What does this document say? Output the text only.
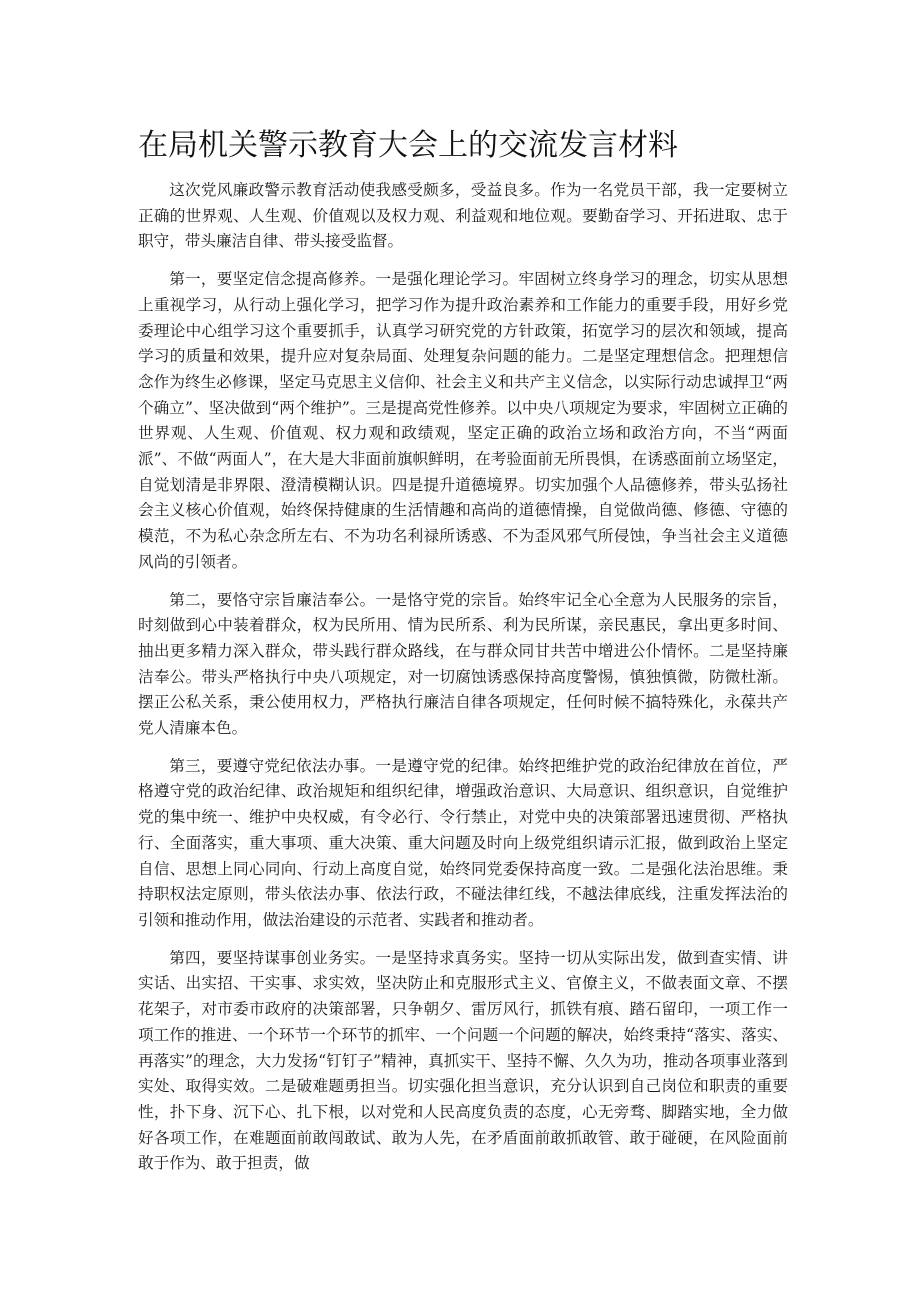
在局机关警示教育大会上的交流发言材料

这次党风廉政警示教育活动使我感受颇多，受益良多。作为一名党员干部，我一定要树立正确的世界观、人生观、价值观以及权力观、利益观和地位观。要勤奋学习、开拓进取、忠于职守，带头廉洁自律、带头接受监督。

第一，要坚定信念提高修养。一是强化理论学习。牢固树立终身学习的理念，切实从思想上重视学习，从行动上强化学习，把学习作为提升政治素养和工作能力的重要手段，用好乡党委理论中心组学习这个重要抓手，认真学习研究党的方针政策，拓宽学习的层次和领域，提高学习的质量和效果，提升应对复杂局面、处理复杂问题的能力。二是坚定理想信念。把理想信念作为终生必修课，坚定马克思主义信仰、社会主义和共产主义信念，以实际行动忠诚捍卫“两个确立”、坚决做到“两个维护”。三是提高党性修养。以中央八项规定为要求，牢固树立正确的世界观、人生观、价值观、权力观和政绩观，坚定正确的政治立场和政治方向，不当“两面派”、不做“两面人”，在大是大非面前旗帜鲜明，在考验面前无所畏惧，在诱惑面前立场坚定，自觉划清是非界限、澄清模糊认识。四是提升道德境界。切实加强个人品德修养，带头弘扬社会主义核心价值观，始终保持健康的生活情趣和高尚的道德情操，自觉做尚德、修德、守德的模范，不为私心杂念所左右、不为功名利禄所诱惑、不为歪风邪气所侵蚀，争当社会主义道德风尚的引领者。

第二，要恪守宗旨廉洁奉公。一是恪守党的宗旨。始终牢记全心全意为人民服务的宗旨，时刻做到心中装着群众，权为民所用、情为民所系、利为民所谋，亲民惠民，拿出更多时间、抽出更多精力深入群众，带头践行群众路线，在与群众同甘共苦中增进公仆情怀。二是坚持廉洁奉公。带头严格执行中央八项规定，对一切腐蚀诱惑保持高度警惕，慎独慎微，防微杜渐。摆正公私关系，秉公使用权力，严格执行廉洁自律各项规定，任何时候不搞特殊化，永葆共产党人清廉本色。

第三，要遵守党纪依法办事。一是遵守党的纪律。始终把维护党的政治纪律放在首位，严格遵守党的政治纪律、政治规矩和组织纪律，增强政治意识、大局意识、组织意识，自觉维护党的集中统一、维护中央权威，有令必行、令行禁止，对党中央的决策部署迅速贯彻、严格执行、全面落实，重大事项、重大决策、重大问题及时向上级党组织请示汇报，做到政治上坚定自信、思想上同心同向、行动上高度自觉，始终同党委保持高度一致。二是强化法治思维。秉持职权法定原则，带头依法办事、依法行政，不碰法律红线，不越法律底线，注重发挥法治的引领和推动作用，做法治建设的示范者、实践者和推动者。

第四，要坚持谋事创业务实。一是坚持求真务实。坚持一切从实际出发，做到查实情、讲实话、出实招、干实事、求实效，坚决防止和克服形式主义、官僚主义，不做表面文章、不摆花架子，对市委市政府的决策部署，只争朝夕、雷厉风行，抓铁有痕、踏石留印，一项工作一项工作的推进、一个环节一个环节的抓牢、一个问题一个问题的解决，始终秉持“落实、落实、再落实”的理念，大力发扬“钉钉子”精神，真抓实干、坚持不懈、久久为功，推动各项事业落到实处、取得实效。二是破难题勇担当。切实强化担当意识，充分认识到自己岗位和职责的重要性，扑下身、沉下心、扎下根，以对党和人民高度负责的态度，心无旁骛、脚踏实地，全力做好各项工作，在难题面前敢闯敢试、敢为人先，在矛盾面前敢抓敢管、敢于碰硬，在风险面前敢于作为、敢于担责，做
